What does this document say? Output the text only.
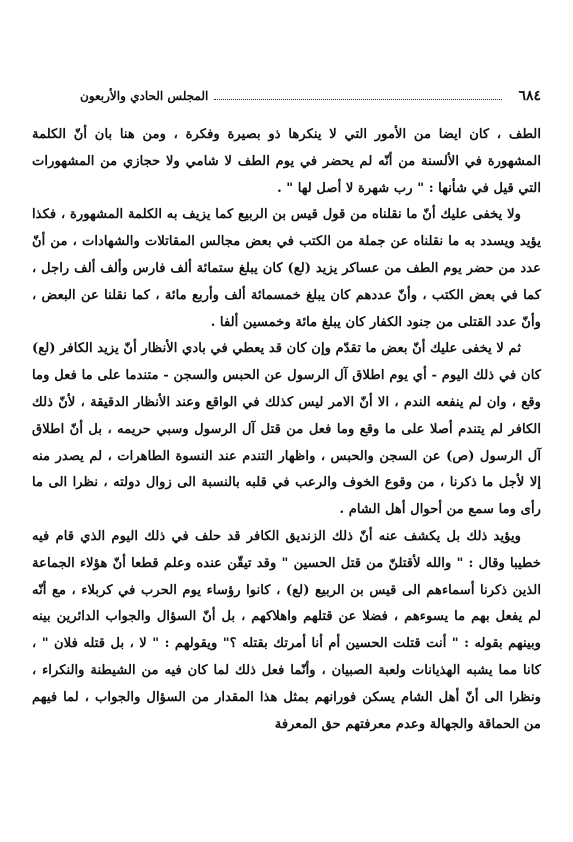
٦٨٤
المجلس الحادي والأربعون

الطف ، كان ايضا من الأمور التي لا ينكرها ذو بصيرة وفكرة ، ومن هنا بان أنّ الكلمة المشهورة في الألسنة من أنّه لم يحضر في يوم الطف لا شامي ولا حجازي من المشهورات التي قيل في شأنها : " رب شهرة لا أصل لها " .

ولا يخفى عليك أنّ ما نقلناه من قول قيس بن الربيع كما يزيف به الكلمة المشهورة ، فكذا يؤيد ويسدد به ما نقلناه عن جملة من الكتب في بعض مجالس المقاتلات والشهادات ، من أنّ عدد من حضر يوم الطف من عساكر يزيد (لع) كان يبلغ ستمائة ألف فارس وألف ألف راجل ، كما في بعض الكتب ، وأنّ عددهم كان يبلغ خمسمائة ألف وأربع مائة ، كما نقلنا عن البعض ، وأنّ عدد القتلى من جنود الكفار كان يبلغ مائة وخمسين ألفا .

ثم لا يخفى عليك أنّ بعض ما تقدّم وإن كان قد يعطي في بادي الأنظار أنّ يزيد الكافر (لع) كان في ذلك اليوم - أي يوم اطلاق آل الرسول عن الحبس والسجن - متندما على ما فعل وما وقع ، وان لم ينفعه الندم ، الا أنّ الامر ليس كذلك في الواقع وعند الأنظار الدقيقة ، لأنّ ذلك الكافر لم يتندم أصلا على ما وقع وما فعل من قتل آل الرسول وسبي حريمه ، بل أنّ اطلاق آل الرسول (ص) عن السجن والحبس ، واظهار التندم عند النسوة الطاهرات ، لم يصدر منه إلا لأجل ما ذكرنا ، من وقوع الخوف والرعب في قلبه بالنسبة الى زوال دولته ، نظرا الى ما رأى وما سمع من أحوال أهل الشام .

ويؤيد ذلك بل يكشف عنه أنّ ذلك الزنديق الكافر قد حلف في ذلك اليوم الذي قام فيه خطيبا وقال : " والله لأقتلنّ من قتل الحسين " وقد تيقّن عنده وعلم قطعا أنّ هؤلاء الجماعة الذين ذكرنا أسماءهم الى قيس بن الربيع (لع) ، كانوا رؤساء يوم الحرب في كربلاء ، مع أنّه لم يفعل بهم ما يسوءهم ، فضلا عن قتلهم واهلاكهم ، بل أنّ السؤال والجواب الدائرين بينه وبينهم بقوله : " أنت قتلت الحسين أم أنا أمرتك بقتله ؟" ويقولهم : " لا ، بل قتله فلان " ، كانا مما يشبه الهذيانات ولعبة الصبيان ، وأنّما فعل ذلك لما كان فيه من الشيطنة والنكراء ، ونظرا الى أنّ أهل الشام يسكن فورانهم بمثل هذا المقدار من السؤال والجواب ، لما فيهم من الحماقة والجهالة وعدم معرفتهم حق المعرفة
